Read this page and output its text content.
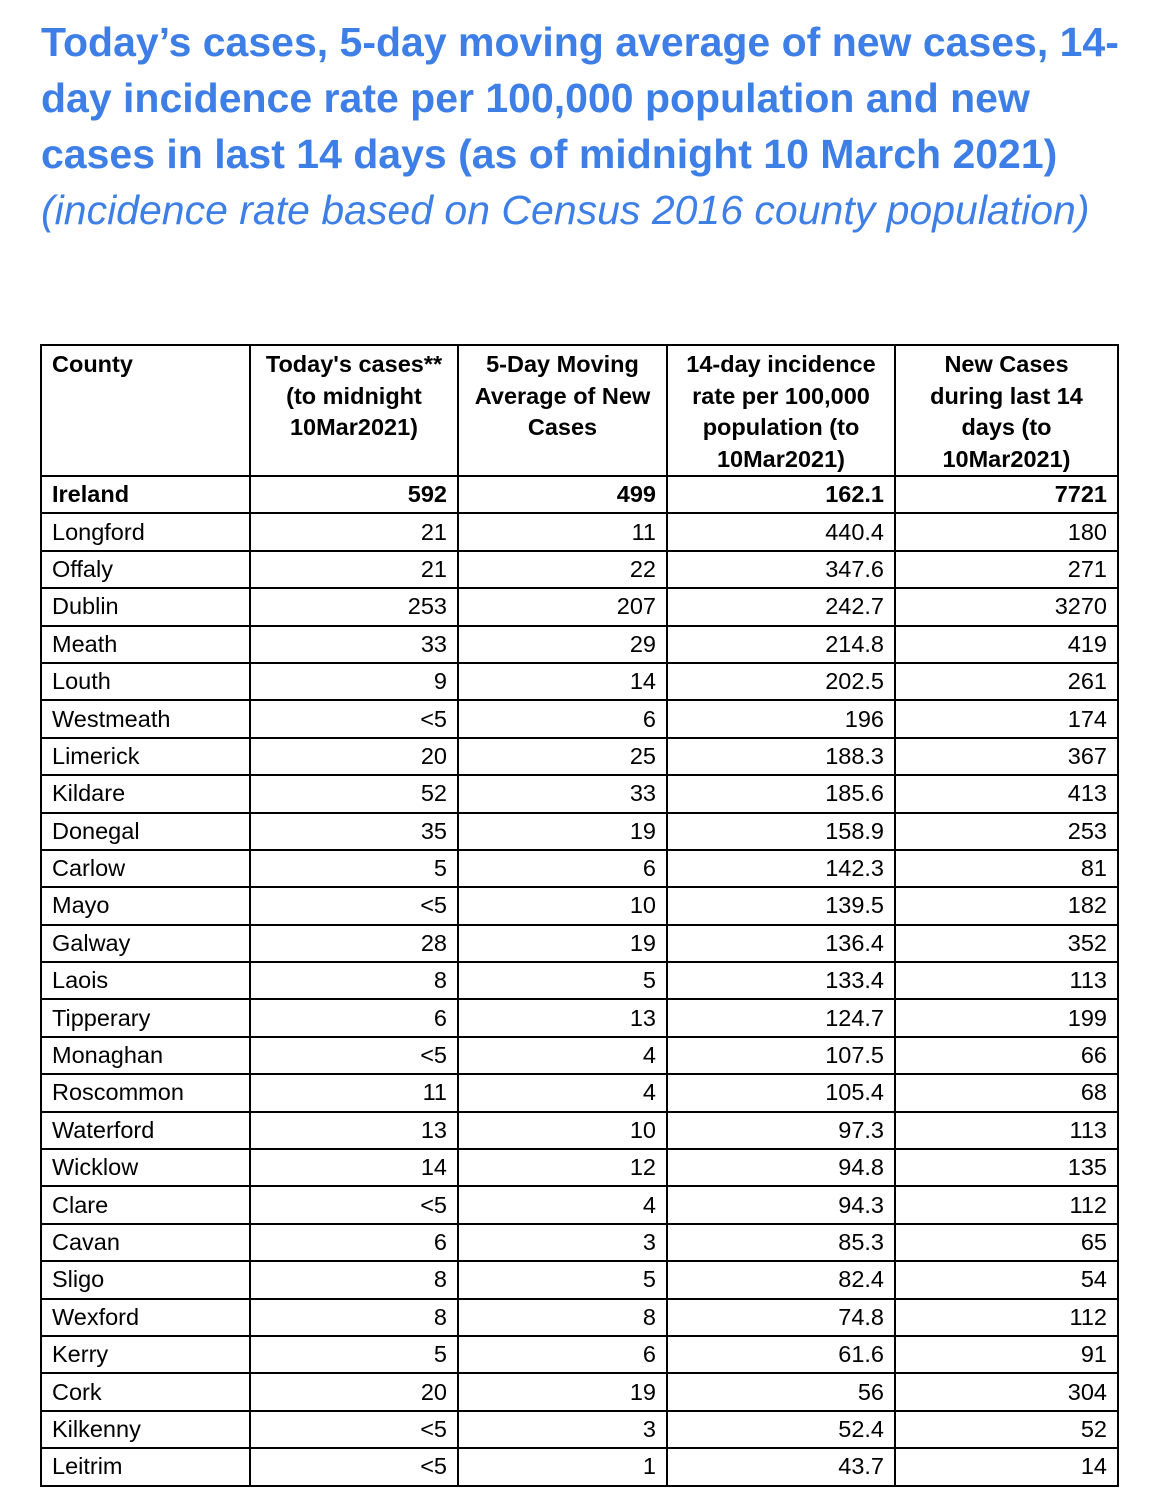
Today’s cases, 5-day moving average of new cases, 14-day incidence rate per 100,000 population and new cases in last 14 days (as of midnight 10 March 2021) (incidence rate based on Census 2016 county population)
County	Today's cases** (to midnight 10Mar2021)	5-Day Moving Average of New Cases	14-day incidence rate per 100,000 population (to 10Mar2021)	New Cases during last 14 days (to 10Mar2021)
Ireland	592	499	162.1	7721
Longford	21	11	440.4	180
Offaly	21	22	347.6	271
Dublin	253	207	242.7	3270
Meath	33	29	214.8	419
Louth	9	14	202.5	261
Westmeath	<5	6	196	174
Limerick	20	25	188.3	367
Kildare	52	33	185.6	413
Donegal	35	19	158.9	253
Carlow	5	6	142.3	81
Mayo	<5	10	139.5	182
Galway	28	19	136.4	352
Laois	8	5	133.4	113
Tipperary	6	13	124.7	199
Monaghan	<5	4	107.5	66
Roscommon	11	4	105.4	68
Waterford	13	10	97.3	113
Wicklow	14	12	94.8	135
Clare	<5	4	94.3	112
Cavan	6	3	85.3	65
Sligo	8	5	82.4	54
Wexford	8	8	74.8	112
Kerry	5	6	61.6	91
Cork	20	19	56	304
Kilkenny	<5	3	52.4	52
Leitrim	<5	1	43.7	14
